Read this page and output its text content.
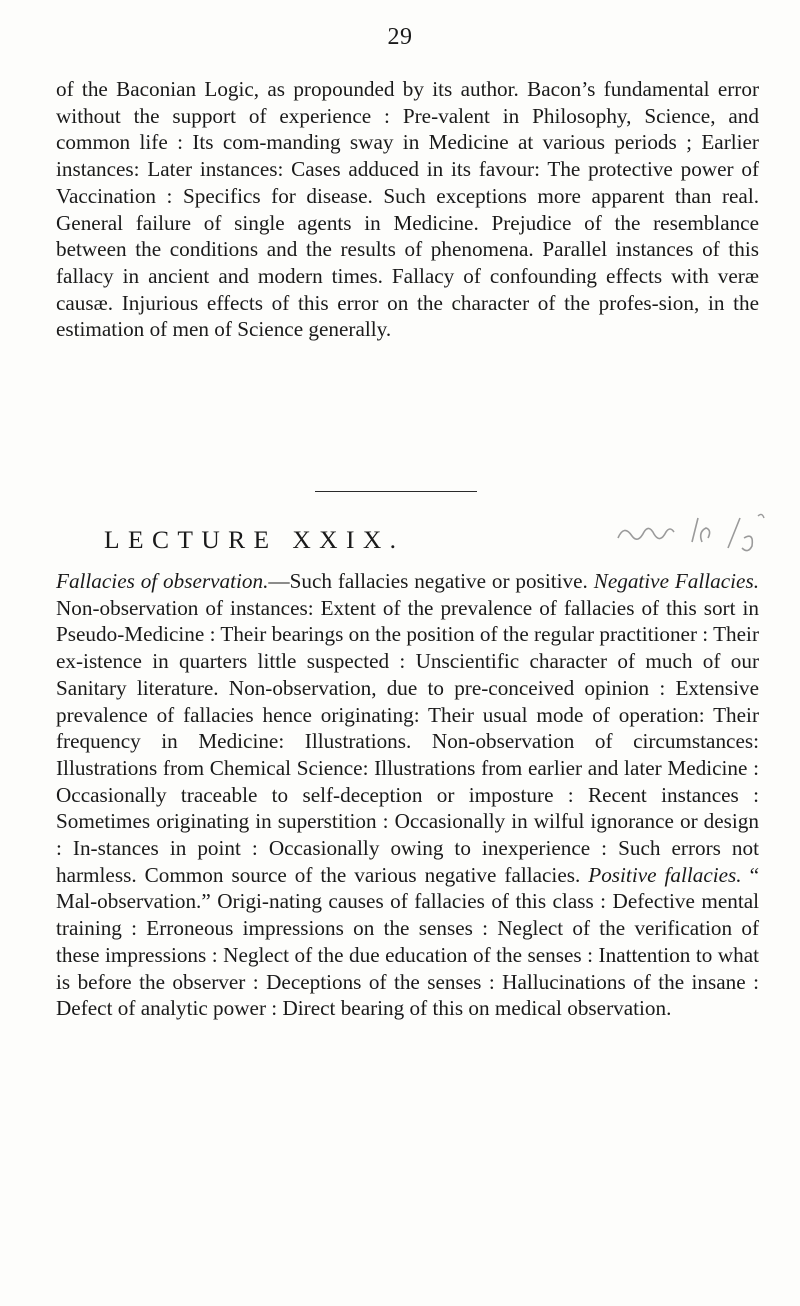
29

of the Baconian Logic, as propounded by its author. Bacon’s fundamental error without the support of experience : Pre-valent in Philosophy, Science, and common life : Its com-manding sway in Medicine at various periods ; Earlier instances: Later instances: Cases adduced in its favour: The protective power of Vaccination : Specifics for disease. Such exceptions more apparent than real. General failure of single agents in Medicine. Prejudice of the resemblance between the conditions and the results of phenomena. Parallel instances of this fallacy in ancient and modern times. Fallacy of confounding effects with veræ causæ. Injurious effects of this error on the character of the profes-sion, in the estimation of men of Science generally.

LECTURE XXIX.

Fallacies of observation.—Such fallacies negative or positive. Negative Fallacies. Non-observation of instances: Extent of the prevalence of fallacies of this sort in Pseudo-Medicine : Their bearings on the position of the regular practitioner : Their ex-istence in quarters little suspected : Unscientific character of much of our Sanitary literature. Non-observation, due to pre-conceived opinion : Extensive prevalence of fallacies hence originating: Their usual mode of operation: Their frequency in Medicine: Illustrations. Non-observation of circumstances: Illustrations from Chemical Science: Illustrations from earlier and later Medicine : Occasionally traceable to self-deception or imposture : Recent instances : Sometimes originating in superstition : Occasionally in wilful ignorance or design : In-stances in point : Occasionally owing to inexperience : Such errors not harmless. Common source of the various negative fallacies. Positive fallacies. “ Mal-observation.” Origi-nating causes of fallacies of this class : Defective mental training : Erroneous impressions on the senses : Neglect of the verification of these impressions : Neglect of the due education of the senses : Inattention to what is before the observer : Deceptions of the senses : Hallucinations of the insane : Defect of analytic power : Direct bearing of this on medical observation.
